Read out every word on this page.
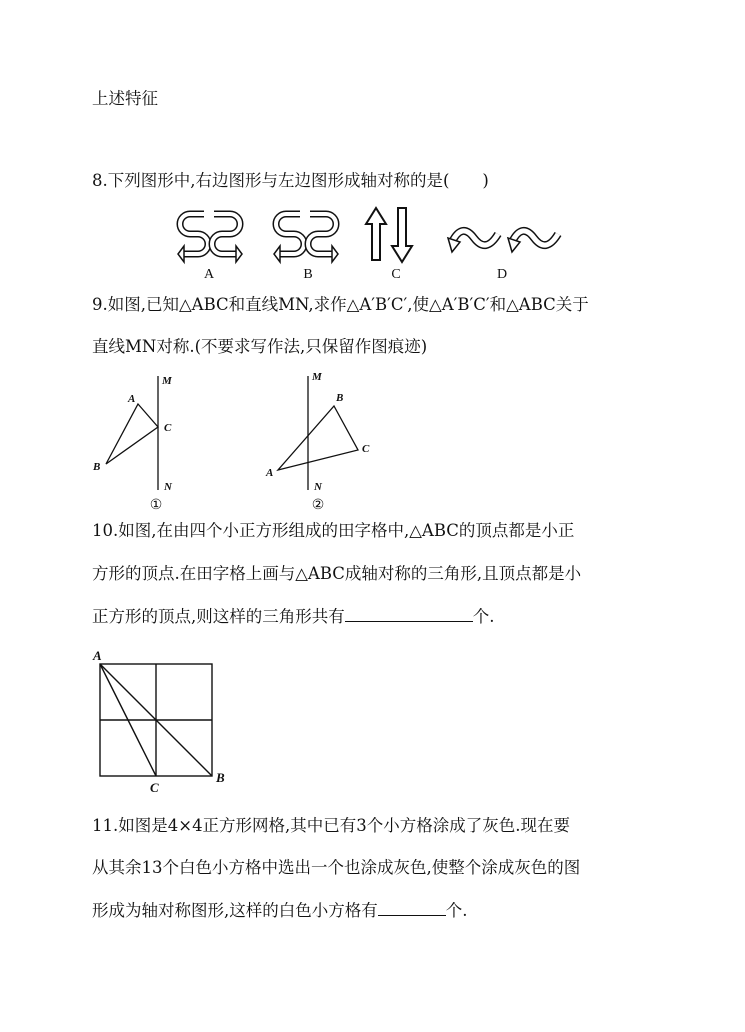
上述特征
8.下列图形中,右边图形与左边图形成轴对称的是(　　)
A	B	C	D
9.如图,已知△ABC和直线MN,求作△A′B′C′,使△A′B′C′和△ABC关于
直线MN对称.(不要求写作法,只保留作图痕迹)
M
N
A
B
C
①
M
N
B
A
C
②
10.如图,在由四个小正方形组成的田字格中,△ABC的顶点都是小正
方形的顶点.在田字格上画与△ABC成轴对称的三角形,且顶点都是小
正方形的顶点,则这样的三角形共有	个.
A
B
C
11.如图是4×4正方形网格,其中已有3个小方格涂成了灰色.现在要
从其余13个白色小方格中选出一个也涂成灰色,使整个涂成灰色的图
形成为轴对称图形,这样的白色小方格有	个.
